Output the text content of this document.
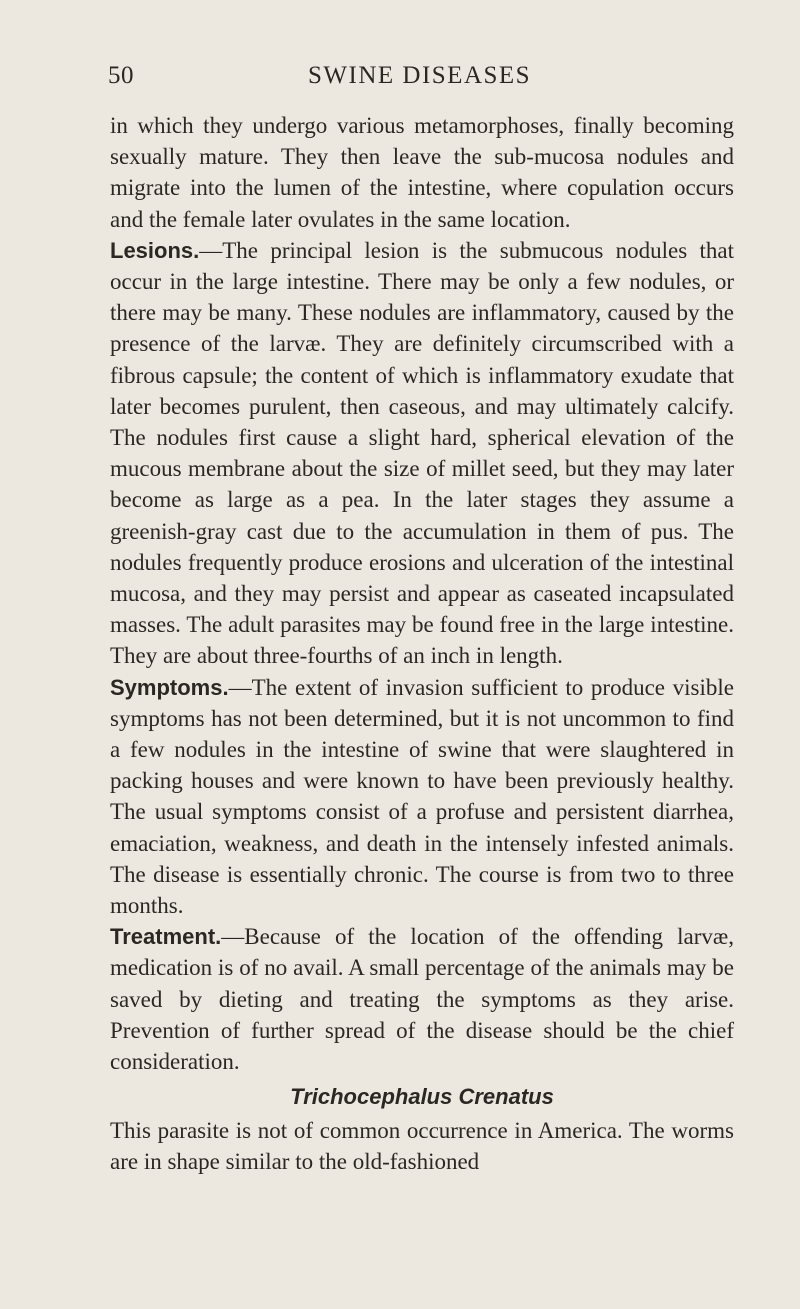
50	SWINE DISEASES

in which they undergo various metamorphoses, finally becoming sexually mature. They then leave the sub-mucosa nodules and migrate into the lumen of the intestine, where copulation occurs and the female later ovulates in the same location.

Lesions.—The principal lesion is the submucous nodules that occur in the large intestine. There may be only a few nodules, or there may be many. These nodules are inflammatory, caused by the presence of the larvæ. They are definitely circumscribed with a fibrous capsule; the content of which is inflammatory exudate that later becomes purulent, then caseous, and may ultimately calcify. The nodules first cause a slight hard, spherical elevation of the mucous membrane about the size of millet seed, but they may later become as large as a pea. In the later stages they assume a greenish-gray cast due to the accumulation in them of pus. The nodules frequently produce erosions and ulceration of the intestinal mucosa, and they may persist and appear as caseated incapsulated masses. The adult parasites may be found free in the large intestine. They are about three-fourths of an inch in length.

Symptoms.—The extent of invasion sufficient to produce visible symptoms has not been determined, but it is not uncommon to find a few nodules in the intestine of swine that were slaughtered in packing houses and were known to have been previously healthy. The usual symptoms consist of a profuse and persistent diarrhea, emaciation, weakness, and death in the intensely infested animals. The disease is essentially chronic. The course is from two to three months.

Treatment.—Because of the location of the offending larvæ, medication is of no avail. A small percentage of the animals may be saved by dieting and treating the symptoms as they arise. Prevention of further spread of the disease should be the chief consideration.

Trichocephalus Crenatus

This parasite is not of common occurrence in America. The worms are in shape similar to the old-fashioned
